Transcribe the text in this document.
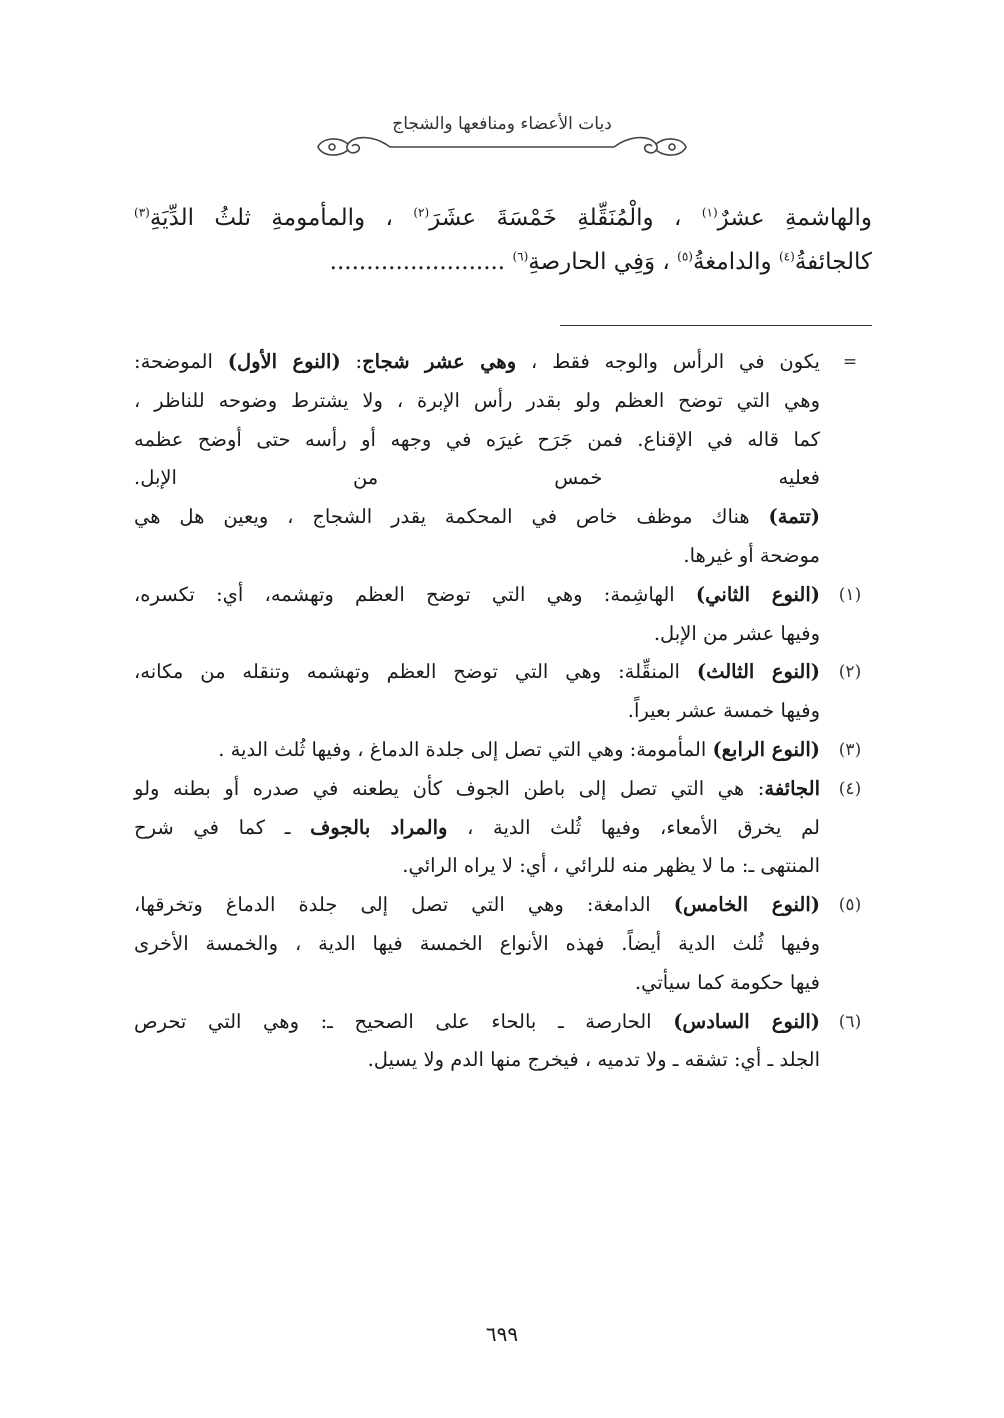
ديات الأعضاء ومنافعها والشجاج
والهاشمةِ عشرٌ$^{(١)}$ ، والْمُنَقِّلةِ خَمْسَةَ عشَرَ$^{(٢)}$ ، والمأمومةِ ثلثُ الدِّيَةِ$^{(٣)}$
كالجائفةُ$^{(٤)}$ والدامغةُ$^{(٥)}$ ، وَفِي الحارصةِ$^{(٦)}$ ........................
=
يكون في الرأس والوجه فقط ، وهي عشر شجاج: (النوع الأول) الموضحة:
وهي التي توضح العظم ولو بقدر رأس الإبرة ، ولا يشترط وضوحه للناظر ،
كما قاله في الإقناع. فمن جَرَح غيرَه في وجهه أو رأسه حتى أوضح عظمه
فعليه خمس من الإبل.
(تتمة) هناك موظف خاص في المحكمة يقدر الشجاج ، ويعين هل هي
موضحة أو غيرها.
(١)
(النوع الثاني) الهاشِمة: وهي التي توضح العظم وتهشمه، أي: تكسره،
وفيها عشر من الإبل.
(٢)
(النوع الثالث) المنقِّلة: وهي التي توضح العظم وتهشمه وتنقله من مكانه،
وفيها خمسة عشر بعيراً.
(٣)
(النوع الرابع) المأمومة: وهي التي تصل إلى جلدة الدماغ ، وفيها ثُلث الدية .
(٤)
الجائفة: هي التي تصل إلى باطن الجوف كأن يطعنه في صدره أو بطنه ولو
لم يخرق الأمعاء، وفيها ثُلث الدية ، والمراد بالجوف ـ كما في شرح
المنتهى ـ: ما لا يظهر منه للرائي ، أي: لا يراه الرائي.
(٥)
(النوع الخامس) الدامغة: وهي التي تصل إلى جلدة الدماغ وتخرقها،
وفيها ثُلث الدية أيضاً. فهذه الأنواع الخمسة فيها الدية ، والخمسة الأخرى
فيها حكومة كما سيأتي.
(٦)
(النوع السادس) الحارصة ـ بالحاء على الصحيح ـ: وهي التي تحرص
الجلد ـ أي: تشقه ـ ولا تدميه ، فيخرج منها الدم ولا يسيل.
٦٩٩
